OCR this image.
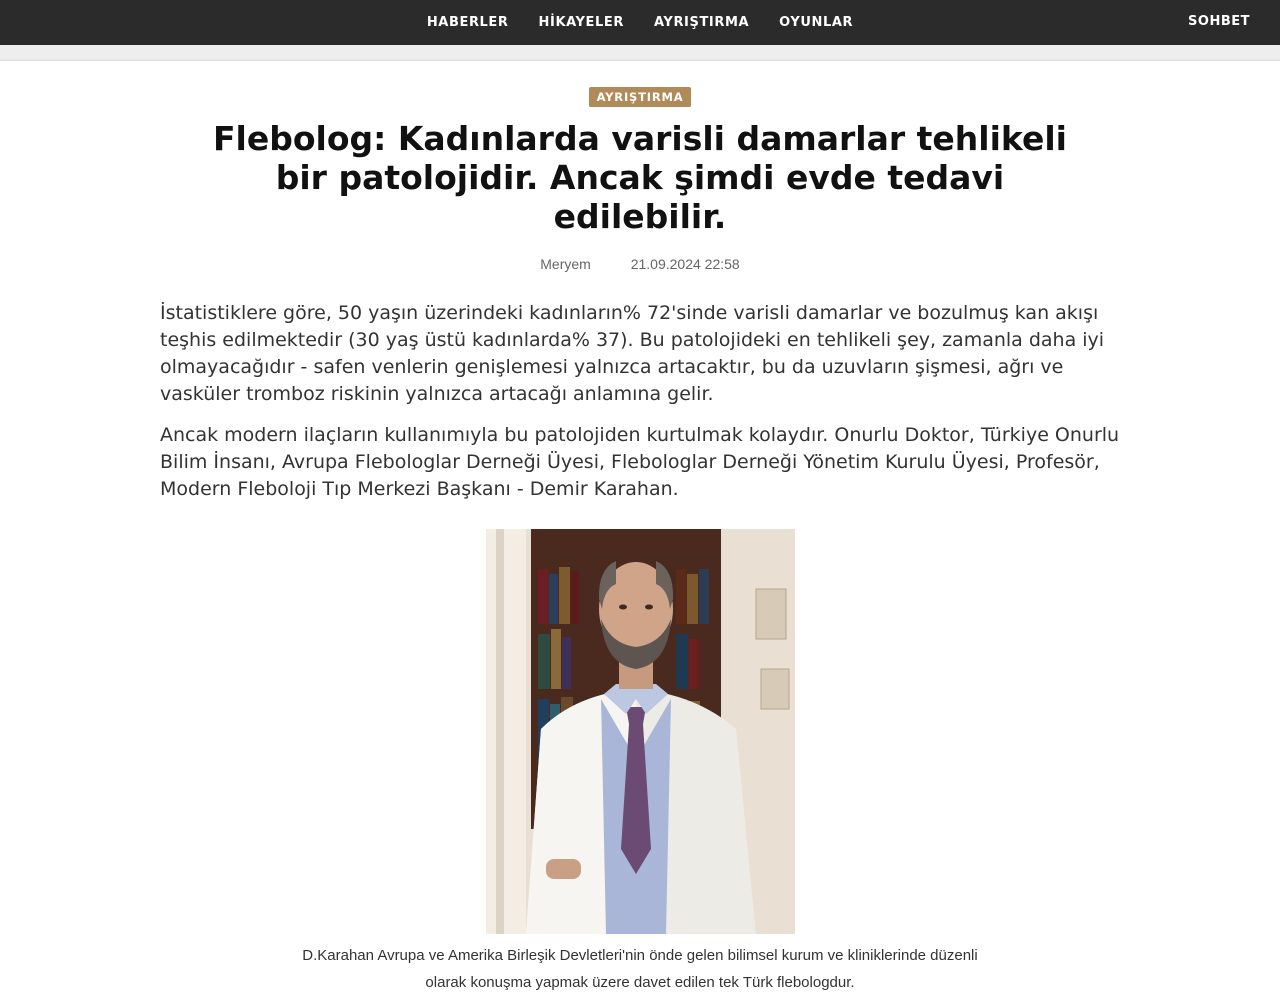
HABERLER	HİKAYELER	AYRIŞTIRMA	OYUNLAR	SOHBET
AYRIŞTIRMA
Flebolog: Kadınlarda varisli damarlar tehlikeli bir patolojidir. Ancak şimdi evde tedavi edilebilir.
Meryem	21.09.2024 22:58

İstatistiklere göre, 50 yaşın üzerindeki kadınların% 72'sinde varisli damarlar ve bozulmuş kan akışı teşhis edilmektedir (30 yaş üstü kadınlarda% 37). Bu patolojideki en tehlikeli şey, zamanla daha iyi olmayacağıdır - safen venlerin genişlemesi yalnızca artacaktır, bu da uzuvların şişmesi, ağrı ve vasküler tromboz riskinin yalnızca artacağı anlamına gelir.

Ancak modern ilaçların kullanımıyla bu patolojiden kurtulmak kolaydır. Onurlu Doktor, Türkiye Onurlu Bilim İnsanı, Avrupa Flebologlar Derneği Üyesi, Flebologlar Derneği Yönetim Kurulu Üyesi, Profesör, Modern Fleboloji Tıp Merkezi Başkanı - Demir Karahan.

D.Karahan Avrupa ve Amerika Birleşik Devletleri'nin önde gelen bilimsel kurum ve kliniklerinde düzenli olarak konuşma yapmak üzere davet edilen tek Türk flebologdur.
